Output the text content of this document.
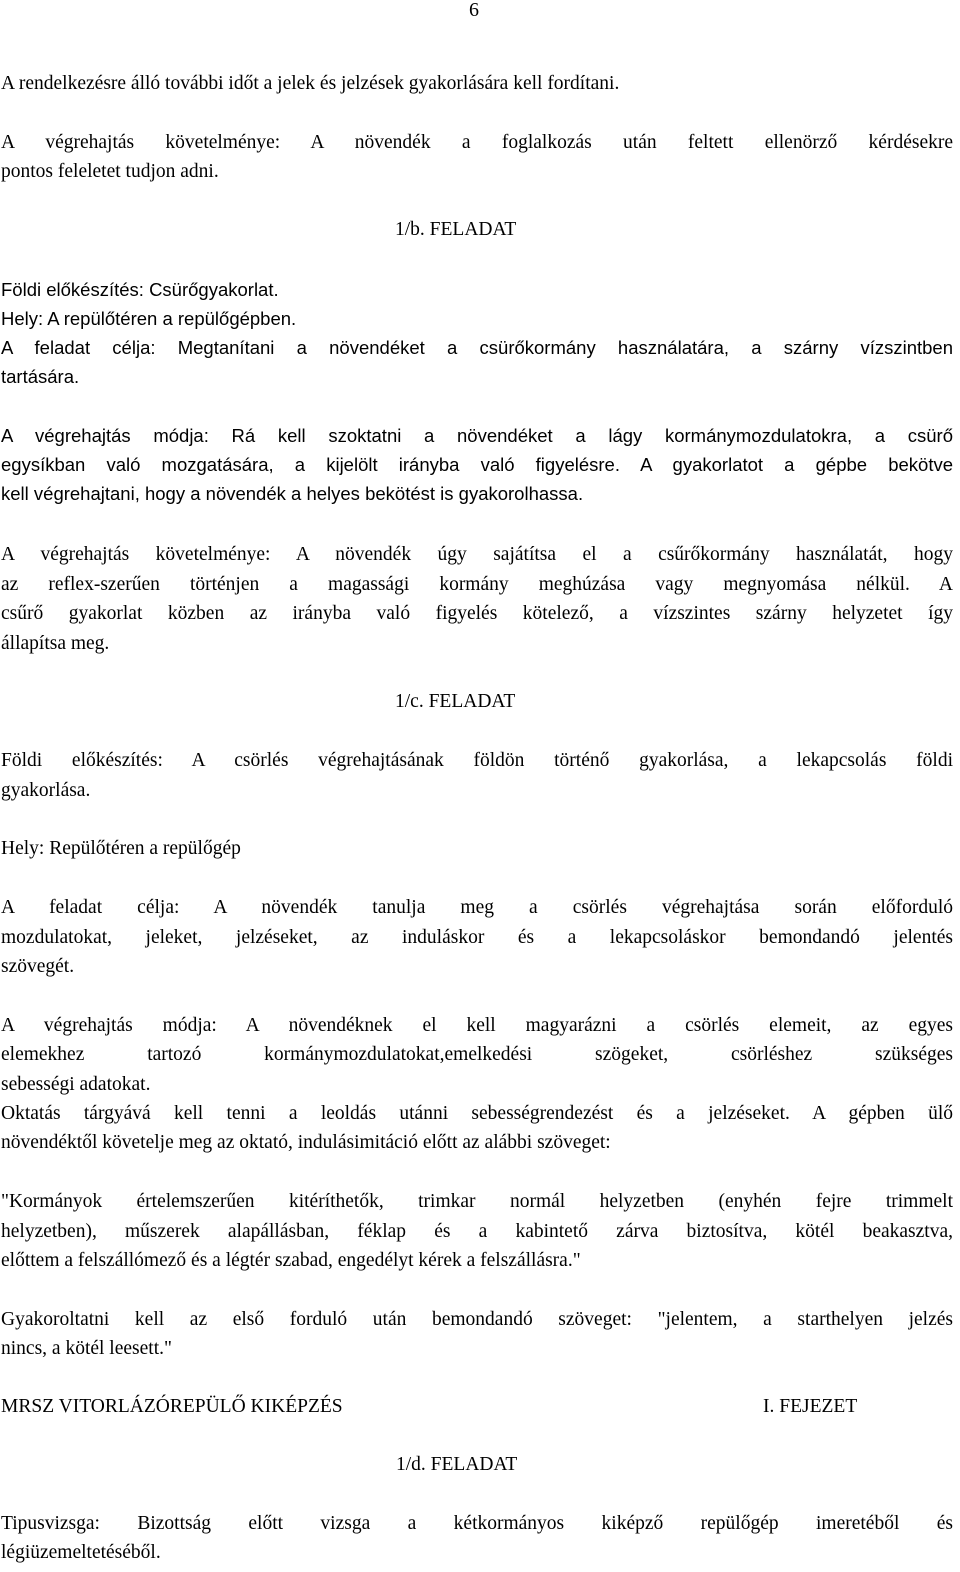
6
A rendelkezésre álló további időt a jelek és jelzések gyakorlására kell fordítani.
A végrehajtás követelménye: A növendék a foglalkozás után feltett ellenörző kérdésekre
pontos feleletet tudjon adni.
1/b. FELADAT
Földi előkészítés: Csürőgyakorlat.
Hely: A repülőtéren a repülőgépben.
A feladat célja: Megtanítani a növendéket a csürőkormány használatára, a szárny vízszintben
tartására.
A végrehajtás módja: Rá kell szoktatni a növendéket a lágy kormánymozdulatokra, a csürő
egysíkban való mozgatására, a kijelölt irányba való figyelésre. A gyakorlatot a gépbe bekötve
kell végrehajtani, hogy a növendék a helyes bekötést is gyakorolhassa.
A végrehajtás követelménye: A növendék úgy sajátítsa el a csűrőkormány használatát, hogy
az reflex-szerűen történjen a magassági kormány meghúzása vagy megnyomása nélkül. A
csűrő gyakorlat közben az irányba való figyelés kötelező, a vízszintes szárny helyzetet így
állapítsa meg.
1/c. FELADAT
Földi előkészítés: A csörlés végrehajtásának földön történő gyakorlása, a lekapcsolás földi
gyakorlása.
Hely: Repülőtéren a repülőgép
A feladat célja: A növendék tanulja meg a csörlés végrehajtása során előforduló
mozdulatokat, jeleket, jelzéseket, az induláskor és a lekapcsoláskor bemondandó jelentés
szövegét.
A végrehajtás módja: A növendéknek el kell magyarázni a csörlés elemeit, az egyes
elemekhez tartozó kormánymozdulatokat,emelkedési szögeket, csörléshez szükséges
sebességi adatokat.
Oktatás tárgyává kell tenni a leoldás utánni sebességrendezést és a jelzéseket. A gépben ülő
növendéktől követelje meg az oktató, indulásimitáció előtt az alábbi szöveget:
"Kormányok értelemszerűen kitéríthetők, trimkar normál helyzetben (enyhén fejre trimmelt
helyzetben), műszerek alapállásban, féklap és a kabintető zárva biztosítva, kötél beakasztva,
előttem a felszállómező és a légtér szabad, engedélyt kérek a felszállásra."
Gyakoroltatni kell az első forduló után bemondandó szöveget: "jelentem, a starthelyen jelzés
nincs, a kötél leesett."
MRSZ VITORLÁZÓREPÜLŐ KIKÉPZÉS	I. FEJEZET
1/d. FELADAT
Tipusvizsga: Bizottság előtt vizsga a kétkormányos kiképző repülőgép imeretéből és
légiüzemeltetéséből.
